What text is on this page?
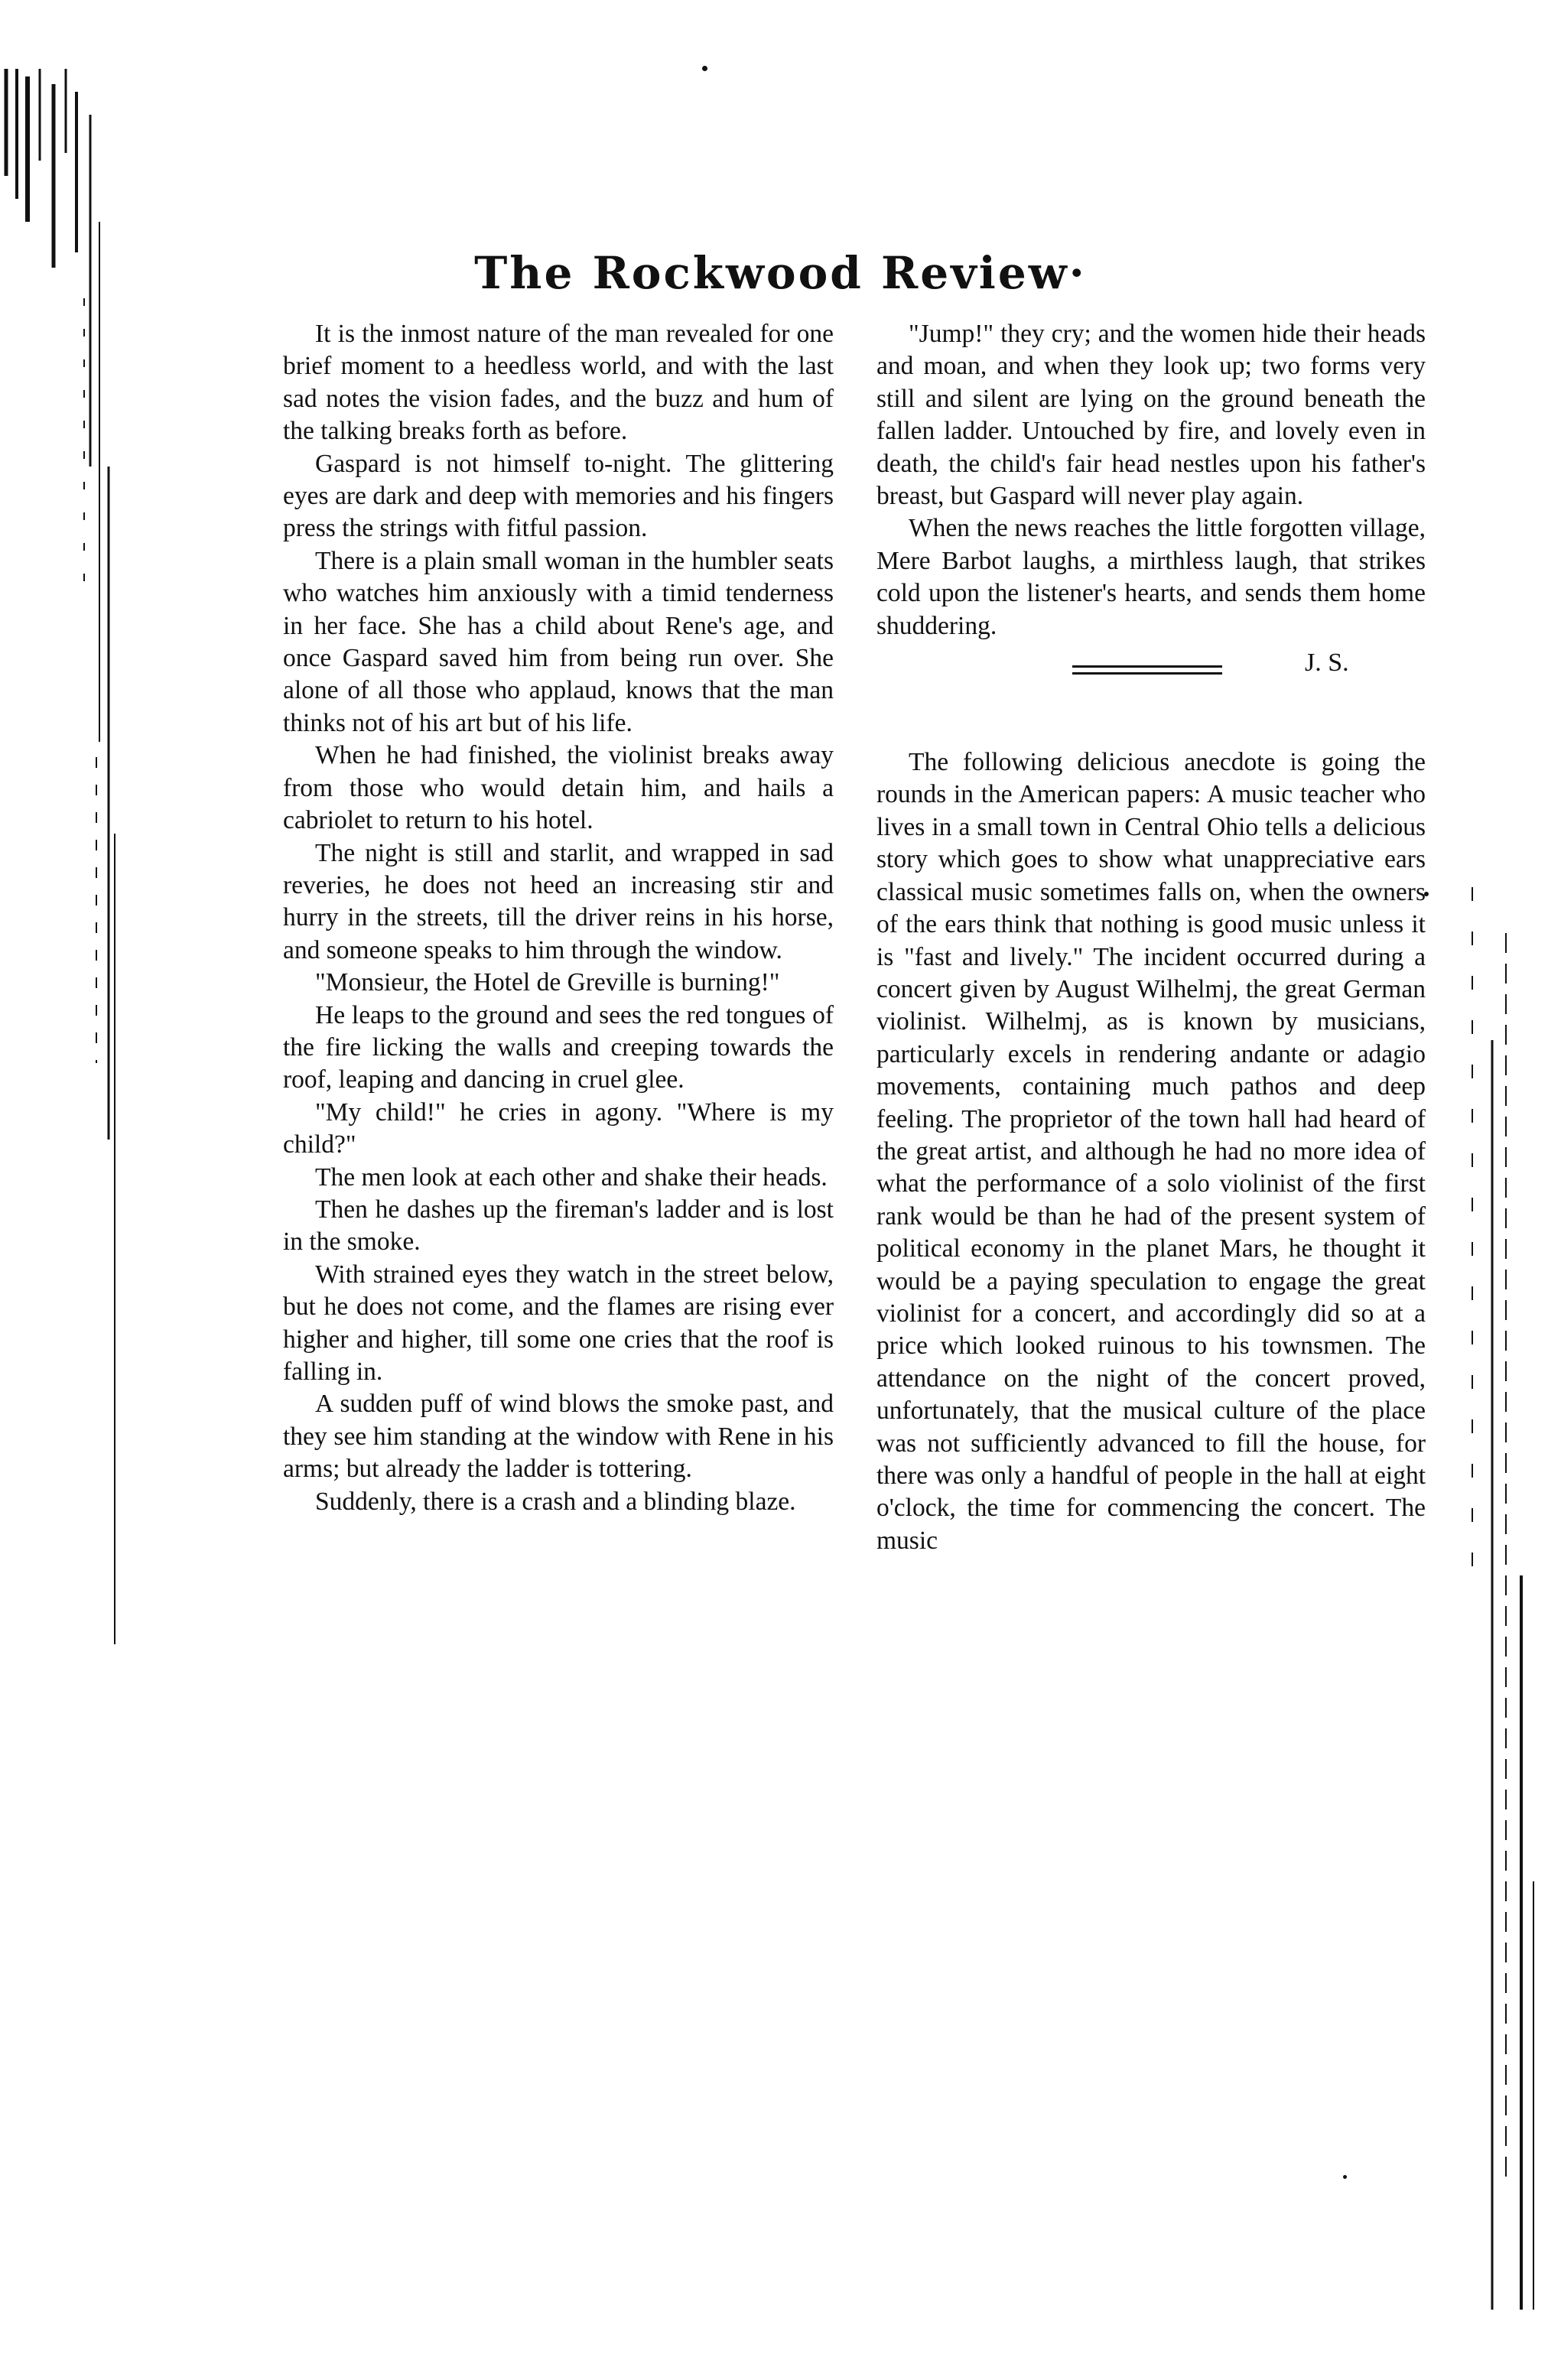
The Rockwood Review·

It is the inmost nature of the man revealed for one brief moment to a heedless world, and with the last sad notes the vision fades, and the buzz and hum of the talking breaks forth as before.

Gaspard is not himself to-night. The glittering eyes are dark and deep with memories and his fingers press the strings with fitful passion.

There is a plain small woman in the humbler seats who watches him anxiously with a timid tenderness in her face. She has a child about Rene's age, and once Gaspard saved him from being run over. She alone of all those who applaud, knows that the man thinks not of his art but of his life.

When he had finished, the violinist breaks away from those who would detain him, and hails a cabriolet to return to his hotel.

The night is still and starlit, and wrapped in sad reveries, he does not heed an increasing stir and hurry in the streets, till the driver reins in his horse, and someone speaks to him through the window.

"Monsieur, the Hotel de Greville is burning!"

He leaps to the ground and sees the red tongues of the fire licking the walls and creeping towards the roof, leaping and dancing in cruel glee.

"My child!" he cries in agony. "Where is my child?"

The men look at each other and shake their heads.

Then he dashes up the fireman's ladder and is lost in the smoke.

With strained eyes they watch in the street below, but he does not come, and the flames are rising ever higher and higher, till some one cries that the roof is falling in.

A sudden puff of wind blows the smoke past, and they see him standing at the window with Rene in his arms; but already the ladder is tottering.

Suddenly, there is a crash and a blinding blaze.

"Jump!" they cry; and the women hide their heads and moan, and when they look up; two forms very still and silent are lying on the ground beneath the fallen ladder. Untouched by fire, and lovely even in death, the child's fair head nestles upon his father's breast, but Gaspard will never play again.

When the news reaches the little forgotten village, Mere Barbot laughs, a mirthless laugh, that strikes cold upon the listener's hearts, and sends them home shuddering.

J. S.

The following delicious anecdote is going the rounds in the American papers: A music teacher who lives in a small town in Central Ohio tells a delicious story which goes to show what unappreciative ears classical music sometimes falls on, when the owners of the ears think that nothing is good music unless it is "fast and lively." The incident occurred during a concert given by August Wilhelmj, the great German violinist. Wilhelmj, as is known by musicians, particularly excels in rendering andante or adagio movements, containing much pathos and deep feeling. The proprietor of the town hall had heard of the great artist, and although he had no more idea of what the performance of a solo violinist of the first rank would be than he had of the present system of political economy in the planet Mars, he thought it would be a paying speculation to engage the great violinist for a concert, and accordingly did so at a price which looked ruinous to his townsmen. The attendance on the night of the concert proved, unfortunately, that the musical culture of the place was not sufficiently advanced to fill the house, for there was only a handful of people in the hall at eight o'clock, the time for commencing the concert. The music
